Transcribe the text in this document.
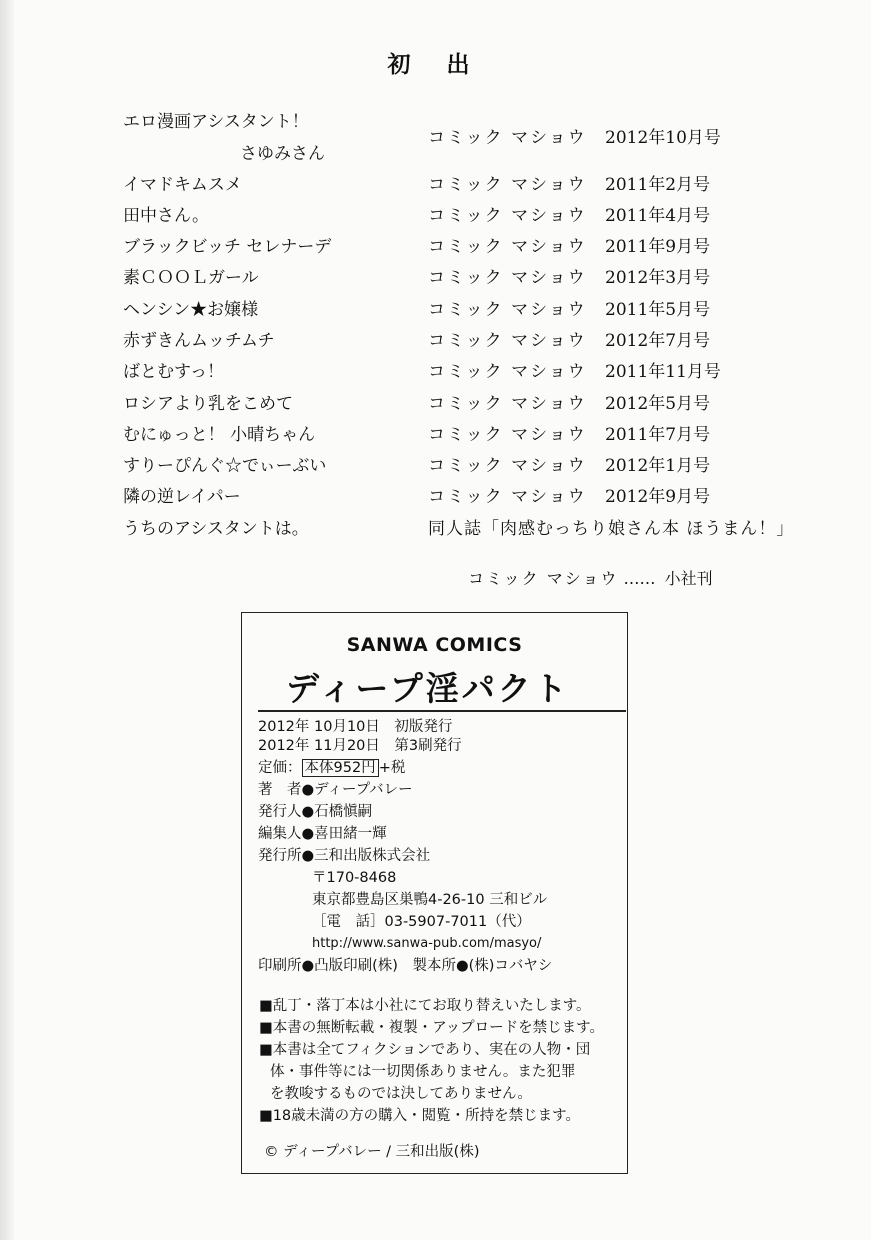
初 出
エロ漫画アシスタント！
さゆみさん
コミック マショウ 2012年10月号
イマドキムスメ	コミック マショウ 2011年2月号
田中さん。	コミック マショウ 2011年4月号
ブラックビッチ セレナーデ	コミック マショウ 2011年9月号
素ＣＯＯＬガール	コミック マショウ 2012年3月号
ヘンシン★お嬢様	コミック マショウ 2011年5月号
赤ずきんムッチムチ	コミック マショウ 2012年7月号
ばとむすっ！	コミック マショウ 2011年11月号
ロシアより乳をこめて	コミック マショウ 2012年5月号
むにゅっと！ 小晴ちゃん	コミック マショウ 2011年7月号
すりーぴんぐ☆でぃーぶい	コミック マショウ 2012年1月号
隣の逆レイパー	コミック マショウ 2012年9月号
うちのアシスタントは。	同人誌「肉感むっちり娘さん本 ほうまん！」
コミック マショウ …… 小社刊
SANWA COMICS
ディープ淫パクト
2012年 10月10日　初版発行
2012年 11月20日　第3刷発行
定価： 本体952円 +税
著　者●ディープバレー
発行人●石橋愼嗣
編集人●喜田緒一輝
発行所●三和出版株式会社
〒170-8468
東京都豊島区巣鴨4-26-10 三和ビル
［電　話］03-5907-7011（代）
http://www.sanwa-pub.com/masyo/
印刷所●凸版印刷(株)　製本所●(株)コバヤシ
■乱丁・落丁本は小社にてお取り替えいたします。
■本書の無断転載・複製・アップロードを禁じます。
■本書は全てフィクションであり、実在の人物・団
体・事件等には一切関係ありません。また犯罪
を教唆するものでは決してありません。
■18歳未満の方の購入・閲覧・所持を禁じます。
© ディープバレー / 三和出版(株)
